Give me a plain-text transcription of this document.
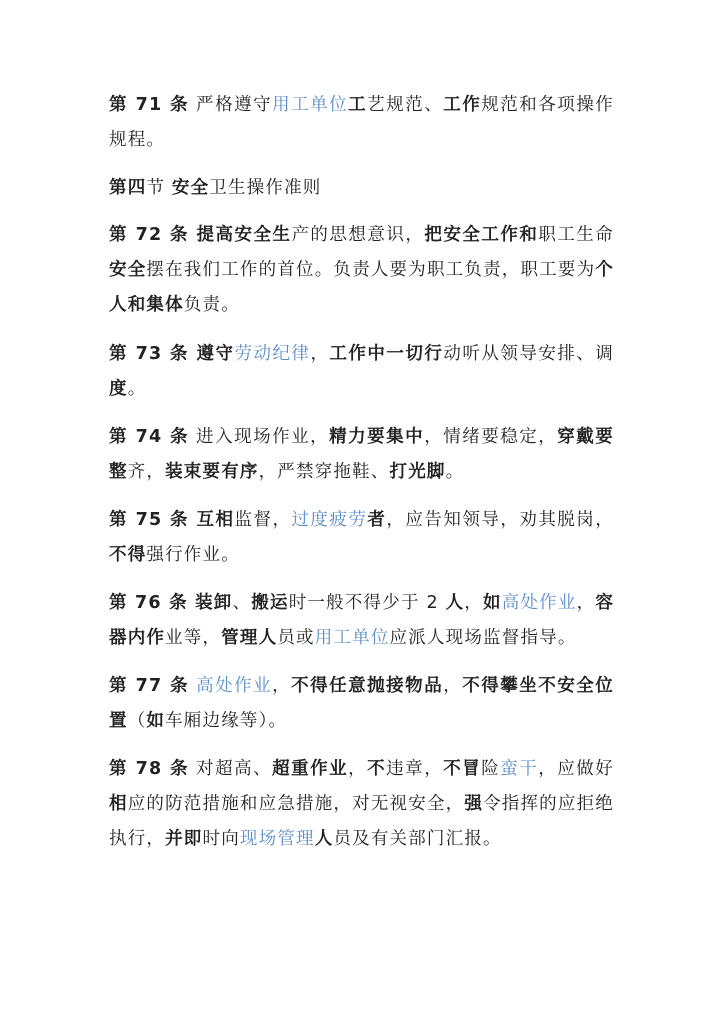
第 71 条 严格遵守用工单位工艺规范、工作规范和各项操作规程。
第四节 安全卫生操作准则
第 72 条 提高安全生产的思想意识，把安全工作和职工生命安全摆在我们工作的首位。负责人要为职工负责，职工要为个人和集体负责。
第 73 条 遵守劳动纪律，工作中一切行动听从领导安排、调度。
第 74 条 进入现场作业，精力要集中，情绪要稳定，穿戴要整齐，装束要有序，严禁穿拖鞋、打光脚。
第 75 条 互相监督，过度疲劳者，应告知领导，劝其脱岗，不得强行作业。
第 76 条 装卸、搬运时一般不得少于 2 人，如高处作业，容器内作业等，管理人员或用工单位应派人现场监督指导。
第 77 条 高处作业，不得任意抛接物品，不得攀坐不安全位置（如车厢边缘等）。
第 78 条 对超高、超重作业，不违章，不冒险蛮干，应做好相应的防范措施和应急措施，对无视安全，强令指挥的应拒绝执行，并即时向现场管理人员及有关部门汇报。
